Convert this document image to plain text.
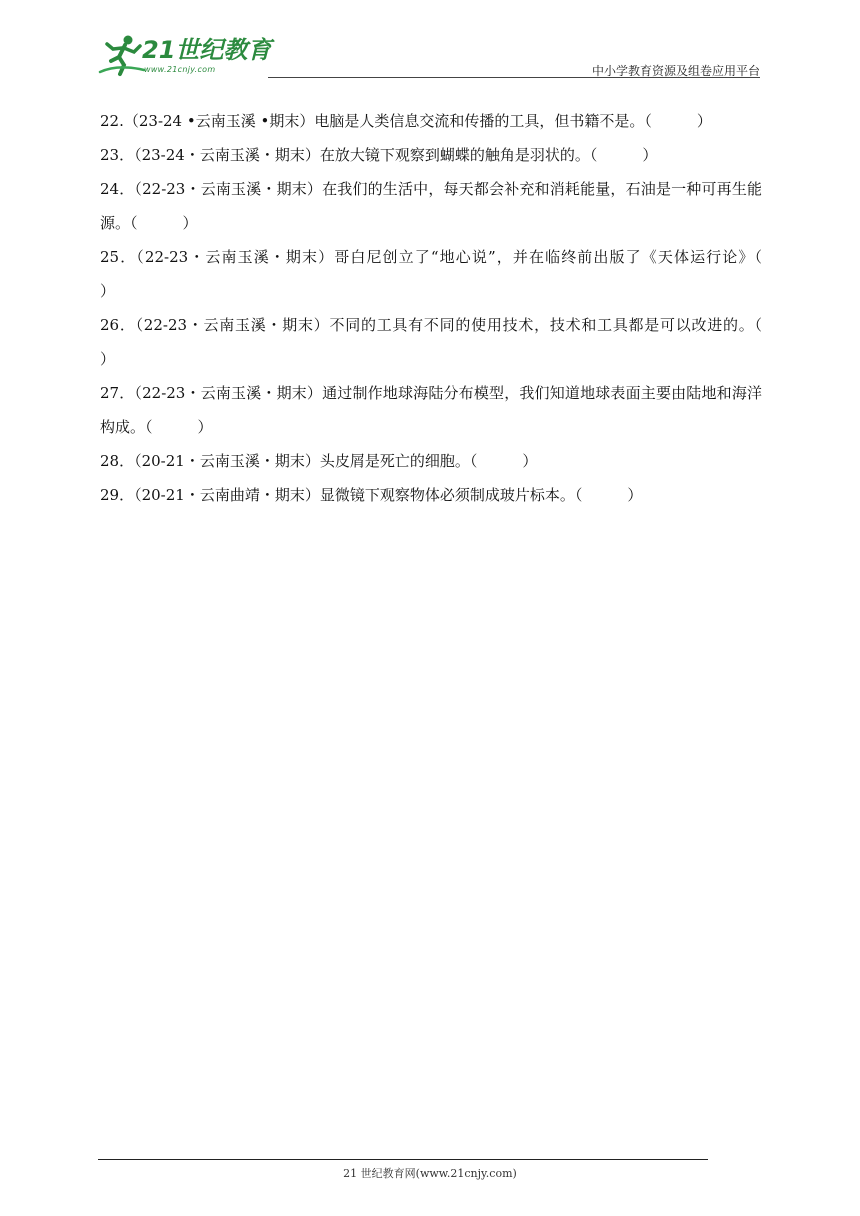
21世纪教育
www.21cnjy.com	中小学教育资源及组卷应用平台
22.（23-24 •云南玉溪 •期末）电脑是人类信息交流和传播的工具，但书籍不是。（　　　）
23．（23-24・云南玉溪・期末）在放大镜下观察到蝴蝶的触角是羽状的。（　　　）
24．（22-23・云南玉溪・期末）在我们的生活中，每天都会补充和消耗能量，石油是一种可再生能源。（　　　）
25．（22-23・云南玉溪・期末）哥白尼创立了“地心说”，并在临终前出版了《天体运行论》（　　　）
26．（22-23・云南玉溪・期末）不同的工具有不同的使用技术，技术和工具都是可以改进的。（　　　）
27．（22-23・云南玉溪・期末）通过制作地球海陆分布模型，我们知道地球表面主要由陆地和海洋构成。（　　　）
28．（20-21・云南玉溪・期末）头皮屑是死亡的细胞。（　　　）
29．（20-21・云南曲靖・期末）显微镜下观察物体必须制成玻片标本。（　　　）
21 世纪教育网(www.21cnjy.com)
